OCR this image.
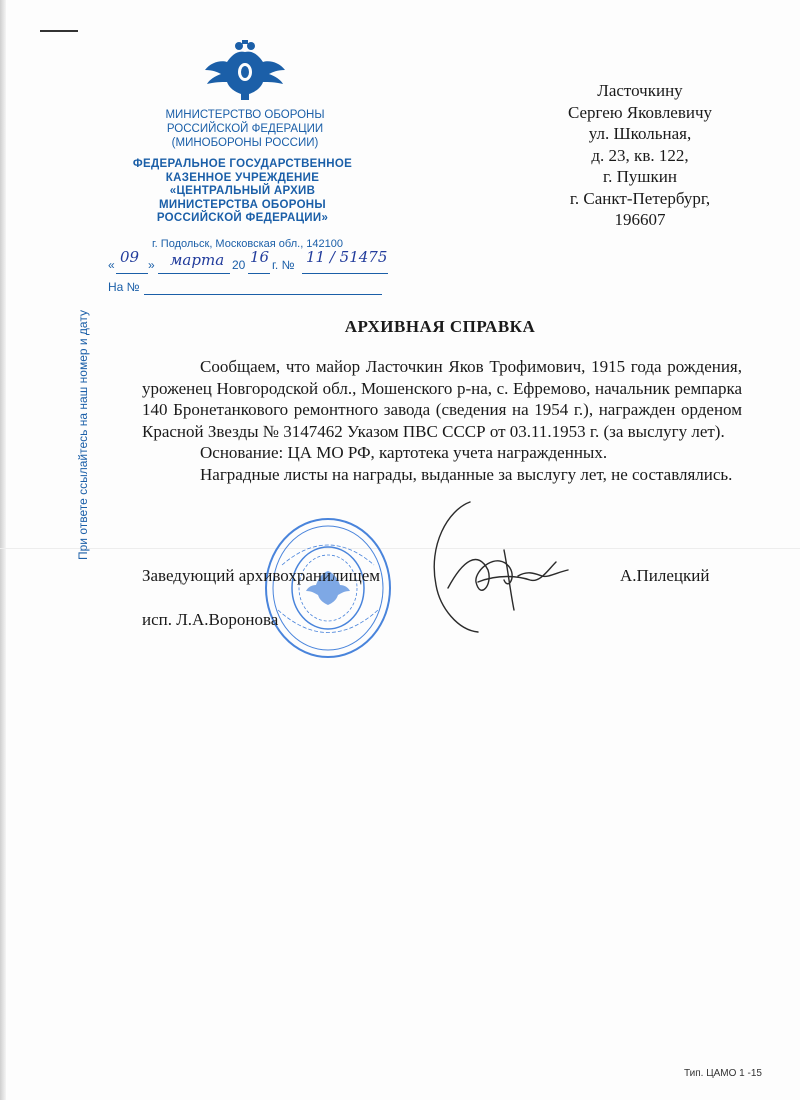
МИНИСТЕРСТВО ОБОРОНЫ
РОССИЙСКОЙ ФЕДЕРАЦИИ
(МИНОБОРОНЫ РОССИИ)
ФЕДЕРАЛЬНОЕ ГОСУДАРСТВЕННОЕ
КАЗЕННОЕ УЧРЕЖДЕНИЕ
«ЦЕНТРАЛЬНЫЙ АРХИВ
МИНИСТЕРСТВА ОБОРОНЫ
РОССИЙСКОЙ ФЕДЕРАЦИИ»
г. Подольск, Московская обл., 142100
« 09 » марта 20 16 г. № 11 / 51475
На №
Ласточкину
Сергею Яковлевичу
ул. Школьная,
д. 23, кв. 122,
г. Пушкин
г. Санкт-Петербург,
196607
При ответе ссылайтесь на наш номер и дату	АРХИВНАЯ СПРАВКА

Сообщаем, что майор Ласточкин Яков Трофимович, 1915 года рождения, уроженец Новгородской обл., Мошенского р-на, с. Ефремово, начальник ремпарка 140 Бронетанкового ремонтного завода (сведения на 1954 г.), награжден орденом Красной Звезды № 3147462 Указом ПВС СССР от 03.11.1953 г. (за выслугу лет).

Основание: ЦА МО РФ, картотека учета награжденных.

Наградные листы на награды, выданные за выслугу лет, не составлялись.

Заведующий архивохранилищем	А.Пилецкий
исп. Л.А.Воронова
Тип. ЦАМО 1 -15
